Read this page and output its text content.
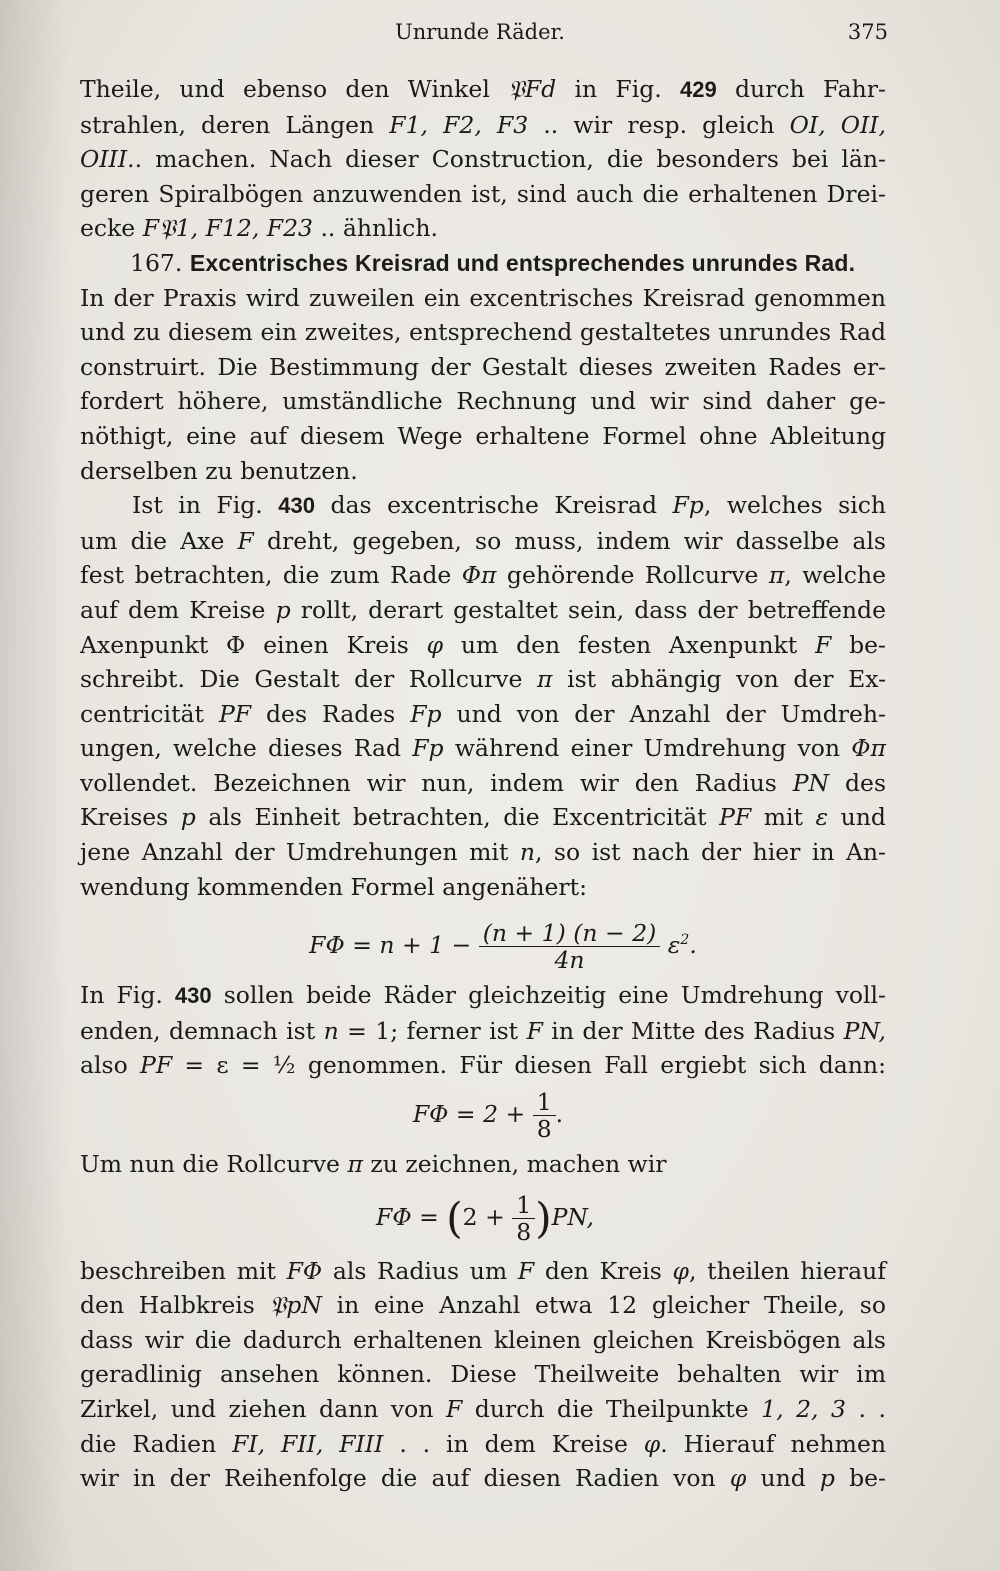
Unrunde Räder.	375

Theile, und ebenso den Winkel 𝔓Fd in Fig. 429 durch Fahr-
strahlen, deren Längen F1, F2, F3 .. wir resp. gleich OI, OII,
OIII.. machen. Nach dieser Construction, die besonders bei län-
geren Spiralbögen anzuwenden ist, sind auch die erhaltenen Drei-
ecke F𝔓1, F12, F23 .. ähnlich.

167. Excentrisches Kreisrad und entsprechendes unrundes Rad.

In der Praxis wird zuweilen ein excentrisches Kreisrad genommen
und zu diesem ein zweites, entsprechend gestaltetes unrundes Rad
construirt. Die Bestimmung der Gestalt dieses zweiten Rades er-
fordert höhere, umständliche Rechnung und wir sind daher ge-
nöthigt, eine auf diesem Wege erhaltene Formel ohne Ableitung
derselben zu benutzen.

Ist in Fig. 430 das excentrische Kreisrad Fp, welches sich
um die Axe F dreht, gegeben, so muss, indem wir dasselbe als
fest betrachten, die zum Rade Φπ gehörende Rollcurve π, welche
auf dem Kreise p rollt, derart gestaltet sein, dass der betreffende
Axenpunkt Φ einen Kreis φ um den festen Axenpunkt F be-
schreibt. Die Gestalt der Rollcurve π ist abhängig von der Ex-
centricität PF des Rades Fp und von der Anzahl der Umdreh-
ungen, welche dieses Rad Fp während einer Umdrehung von Φπ
vollendet. Bezeichnen wir nun, indem wir den Radius PN des
Kreises p als Einheit betrachten, die Excentricität PF mit ε und
jene Anzahl der Umdrehungen mit n, so ist nach der hier in An-
wendung kommenden Formel angenähert:

$F\Phi = n + 1 - \frac{(n + 1) (n - 2)}{4n} \varepsilon^2$.

In Fig. 430 sollen beide Räder gleichzeitig eine Umdrehung voll-
enden, demnach ist n = 1; ferner ist F in der Mitte des Radius PN,
also PF = ε = ½ genommen. Für diesen Fall ergiebt sich dann:

$F\Phi = 2 + \frac{1}{8}$ .

Um nun die Rollcurve π zu zeichnen, machen wir

$F\Phi = (2 + \frac{1}{8} )PN$,

beschreiben mit FΦ als Radius um F den Kreis φ, theilen hierauf
den Halbkreis 𝔓pN in eine Anzahl etwa 12 gleicher Theile, so
dass wir die dadurch erhaltenen kleinen gleichen Kreisbögen als
geradlinig ansehen können. Diese Theilweite behalten wir im
Zirkel, und ziehen dann von F durch die Theilpunkte 1, 2, 3 . .
die Radien FI, FII, FIII . . in dem Kreise φ. Hierauf nehmen
wir in der Reihenfolge die auf diesen Radien von φ und p be-
